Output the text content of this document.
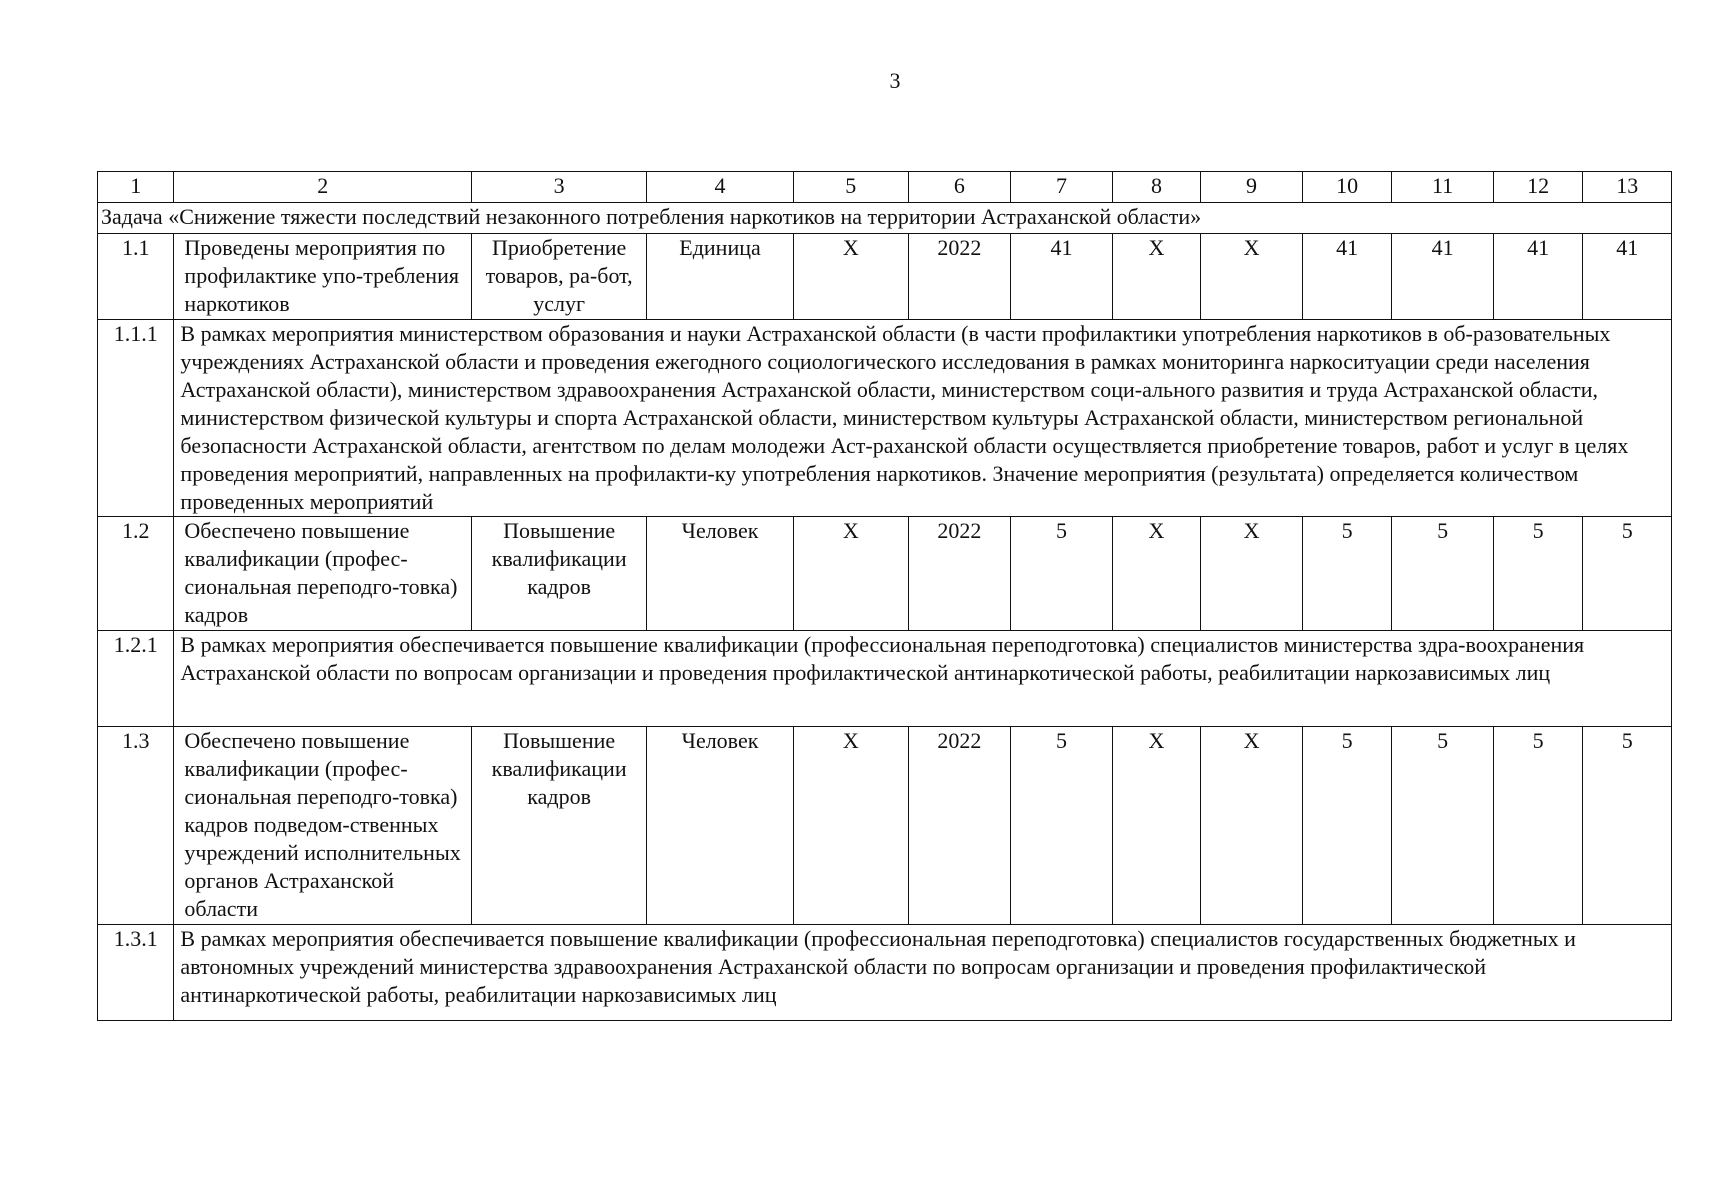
3
1	2	3	4	5	6	7	8	9	10	11	12	13
Задача «Снижение тяжести последствий незаконного потребления наркотиков на территории Астраханской области»												
1.1	Проведены мероприятия по профилактике упо-требления наркотиков	Приобретение товаров, ра-бот, услуг	Единица	X	2022	41	X	X	41	41	41	41
1.1.1	В рамках мероприятия министерством образования и науки Астраханской области (в части профилактики употребления наркотиков в об-разовательных учреждениях Астраханской области и проведения ежегодного социологического исследования в рамках мониторинга наркоситуации среди населения Астраханской области), министерством здравоохранения Астраханской области, министерством соци-ального развития и труда Астраханской области, министерством физической культуры и спорта Астраханской области, министерством культуры Астраханской области, министерством региональной безопасности Астраханской области, агентством по делам молодежи Аст-раханской области осуществляется приобретение товаров, работ и услуг в целях проведения мероприятий, направленных на профилакти-ку употребления наркотиков. Значение мероприятия (результата) определяется количеством проведенных мероприятий											
1.2	Обеспечено повышение квалификации (профес-сиональная переподго-товка) кадров	Повышение квалификации кадров	Человек	X	2022	5	X	X	5	5	5	5
1.2.1	В рамках мероприятия обеспечивается повышение квалификации (профессиональная переподготовка) специалистов министерства здра-воохранения Астраханской области по вопросам организации и проведения профилактической антинаркотической работы, реабилитации наркозависимых лиц											
1.3	Обеспечено повышение квалификации (профес-сиональная переподго-товка) кадров подведом-ственных учреждений исполнительных органов Астраханской области	Повышение квалификации кадров	Человек	X	2022	5	X	X	5	5	5	5
1.3.1	В рамках мероприятия обеспечивается повышение квалификации (профессиональная переподготовка) специалистов государственных бюджетных и автономных учреждений министерства здравоохранения Астраханской области по вопросам организации и проведения профилактической антинаркотической работы, реабилитации наркозависимых лиц											
